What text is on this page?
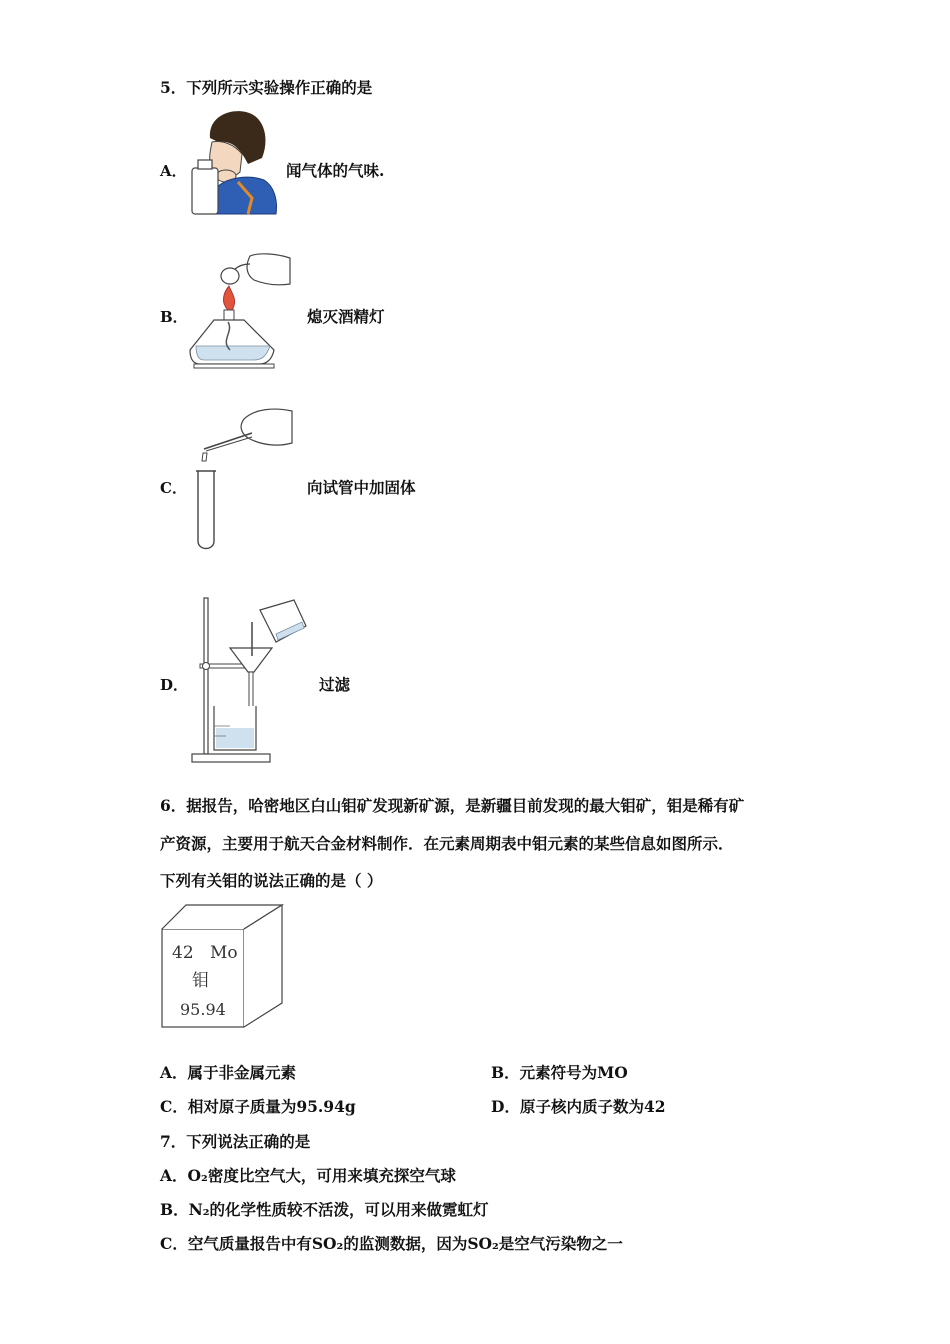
5．下列所示实验操作正确的是
A．	闻气体的气味.
B．	熄灭酒精灯
C．	向试管中加固体
D．	过滤
6．据报告，哈密地区白山钼矿发现新矿源，是新疆目前发现的最大钼矿，钼是稀有矿
产资源，主要用于航天合金材料制作．在元素周期表中钼元素的某些信息如图所示．
下列有关钼的说法正确的是（ ）
42 Mo
钼
95.94
A．属于非金属元素	B．元素符号为MO
C．相对原子质量为95.94g	D．原子核内质子数为42
7．下列说法正确的是
A．O₂密度比空气大，可用来填充探空气球
B．N₂的化学性质较不活泼，可以用来做霓虹灯
C．空气质量报告中有SO₂的监测数据，因为SO₂是空气污染物之一
